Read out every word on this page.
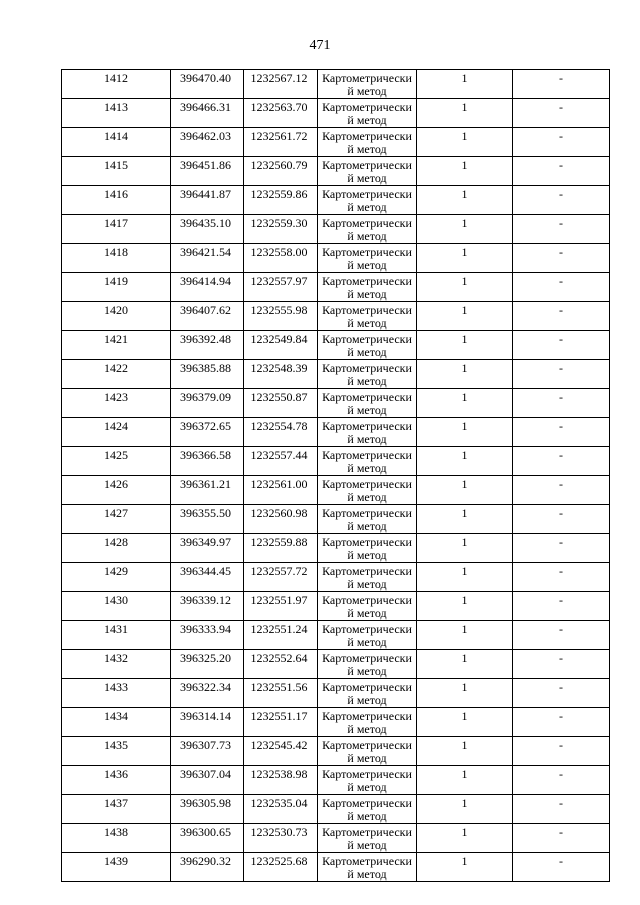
471
1412	396470.40	1232567.12	Картометрический метод	1	-

1413	396466.31	1232563.70	Картометрический метод	1	-

1414	396462.03	1232561.72	Картометрический метод	1	-

1415	396451.86	1232560.79	Картометрический метод	1	-

1416	396441.87	1232559.86	Картометрический метод	1	-

1417	396435.10	1232559.30	Картометрический метод	1	-

1418	396421.54	1232558.00	Картометрический метод	1	-

1419	396414.94	1232557.97	Картометрический метод	1	-

1420	396407.62	1232555.98	Картометрический метод	1	-

1421	396392.48	1232549.84	Картометрический метод	1	-

1422	396385.88	1232548.39	Картометрический метод	1	-

1423	396379.09	1232550.87	Картометрический метод	1	-

1424	396372.65	1232554.78	Картометрический метод	1	-

1425	396366.58	1232557.44	Картометрический метод	1	-

1426	396361.21	1232561.00	Картометрический метод	1	-

1427	396355.50	1232560.98	Картометрический метод	1	-

1428	396349.97	1232559.88	Картометрический метод	1	-

1429	396344.45	1232557.72	Картометрический метод	1	-

1430	396339.12	1232551.97	Картометрический метод	1	-

1431	396333.94	1232551.24	Картометрический метод	1	-

1432	396325.20	1232552.64	Картометрический метод	1	-

1433	396322.34	1232551.56	Картометрический метод	1	-

1434	396314.14	1232551.17	Картометрический метод	1	-

1435	396307.73	1232545.42	Картометрический метод	1	-

1436	396307.04	1232538.98	Картометрический метод	1	-

1437	396305.98	1232535.04	Картометрический метод	1	-

1438	396300.65	1232530.73	Картометрический метод	1	-

1439	396290.32	1232525.68	Картометрический метод	1	-
